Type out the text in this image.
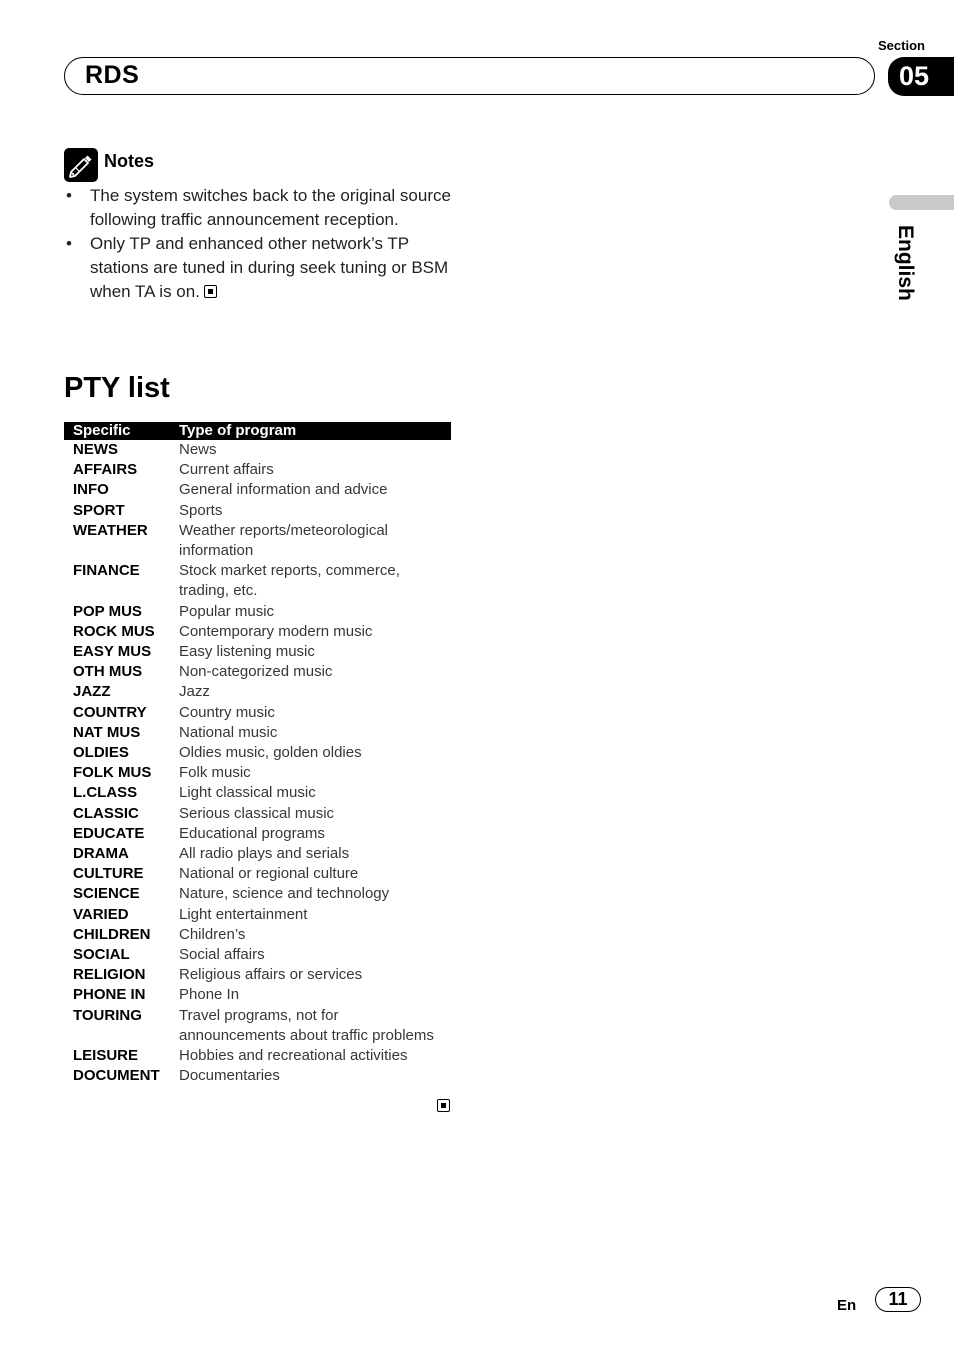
Section
RDS	05
English
Notes
• The system switches back to the original source following traffic announcement reception.
• Only TP and enhanced other network’s TP stations are tuned in during seek tuning or BSM when TA is on.
PTY list
Specific	Type of program
NEWS	News
AFFAIRS	Current affairs
INFO	General information and advice
SPORT	Sports
WEATHER	Weather reports/meteorological information
FINANCE	Stock market reports, commerce, trading, etc.
POP MUS	Popular music
ROCK MUS	Contemporary modern music
EASY MUS	Easy listening music
OTH MUS	Non-categorized music
JAZZ	Jazz
COUNTRY	Country music
NAT MUS	National music
OLDIES	Oldies music, golden oldies
FOLK MUS	Folk music
L.CLASS	Light classical music
CLASSIC	Serious classical music
EDUCATE	Educational programs
DRAMA	All radio plays and serials
CULTURE	National or regional culture
SCIENCE	Nature, science and technology
VARIED	Light entertainment
CHILDREN	Children’s
SOCIAL	Social affairs
RELIGION	Religious affairs or services
PHONE IN	Phone In
TOURING	Travel programs, not for announcements about traffic problems
LEISURE	Hobbies and recreational activities
DOCUMENT	Documentaries
En	11
